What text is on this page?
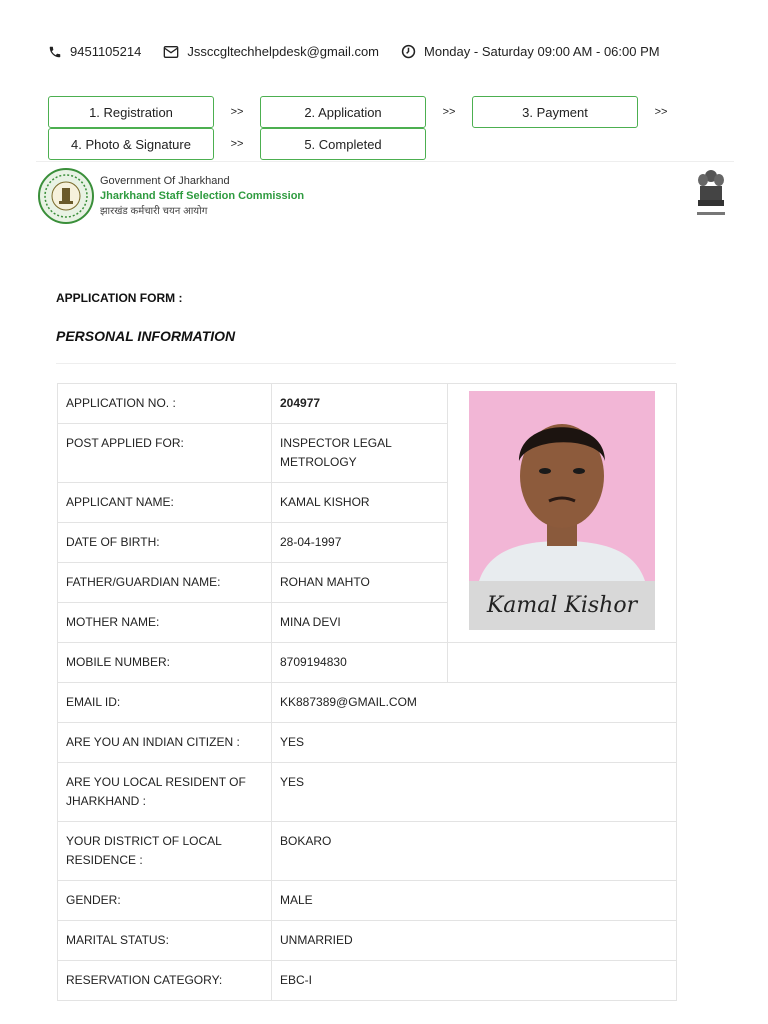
9451105214	Jssccgltechhelpdesk@gmail.com	Monday - Saturday 09:00 AM - 06:00 PM
1. Registration	>>	2. Application	>>	3. Payment	>>
4. Photo & Signature	>>	5. Completed
Government Of Jharkhand
Jharkhand Staff Selection Commission
झारखंड कर्मचारी चयन आयोग
APPLICATION FORM :
PERSONAL INFORMATION
APPLICATION NO. :	204977	Kamal Kishor

POST APPLIED FOR:	INSPECTOR LEGAL METROLOGY	
APPLICANT NAME:	KAMAL KISHOR	
DATE OF BIRTH:	28-04-1997	
FATHER/GUARDIAN NAME:	ROHAN MAHTO	
MOTHER NAME:	MINA DEVI	
MOBILE NUMBER:	8709194830	
EMAIL ID:	KK887389@GMAIL.COM	
ARE YOU AN INDIAN CITIZEN :	YES	
ARE YOU LOCAL RESIDENT OF JHARKHAND :	YES	
YOUR DISTRICT OF LOCAL RESIDENCE :	BOKARO	
GENDER:	MALE	
MARITAL STATUS:	UNMARRIED	
RESERVATION CATEGORY:	EBC-I	
